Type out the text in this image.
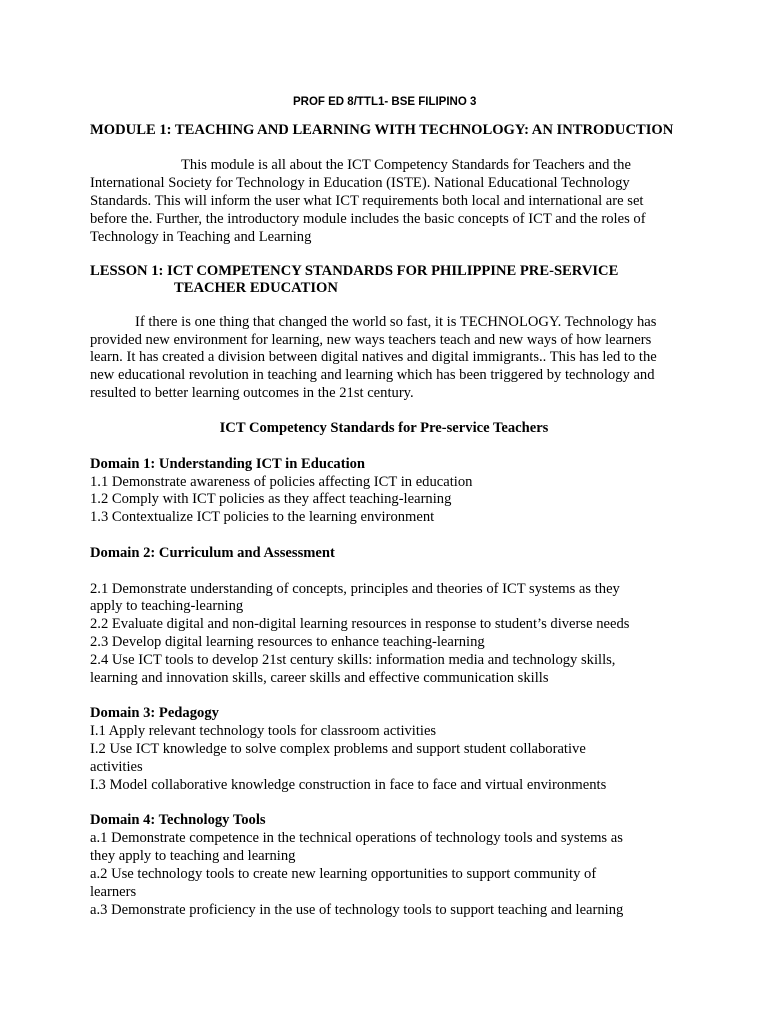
PROF ED 8/TTL1- BSE FILIPINO 3
MODULE 1: TEACHING AND LEARNING WITH TECHNOLOGY: AN INTRODUCTION
This module is all about the ICT Competency Standards for Teachers and the
International Society for Technology in Education (ISTE). National Educational Technology
Standards. This will inform the user what ICT requirements both local and international are set
before the. Further, the introductory module includes the basic concepts of ICT and the roles of
Technology in Teaching and Learning
LESSON 1: ICT COMPETENCY STANDARDS FOR PHILIPPINE PRE-SERVICE
TEACHER EDUCATION
If there is one thing that changed the world so fast, it is TECHNOLOGY. Technology has
provided new environment for learning, new ways teachers teach and new ways of how learners
learn. It has created a division between digital natives and digital immigrants.. This has led to the
new educational revolution in teaching and learning which has been triggered by technology and
resulted to better learning outcomes in the 21st century.
ICT Competency Standards for Pre-service Teachers
Domain 1: Understanding ICT in Education
1.1 Demonstrate awareness of policies affecting ICT in education
1.2 Comply with ICT policies as they affect teaching-learning
1.3 Contextualize ICT policies to the learning environment
Domain 2: Curriculum and Assessment
2.1 Demonstrate understanding of concepts, principles and theories of ICT systems as they
apply to teaching-learning
2.2 Evaluate digital and non-digital learning resources in response to student’s diverse needs
2.3 Develop digital learning resources to enhance teaching-learning
2.4 Use ICT tools to develop 21st century skills: information media and technology skills,
learning and innovation skills, career skills and effective communication skills
Domain 3: Pedagogy
I.1 Apply relevant technology tools for classroom activities
I.2 Use ICT knowledge to solve complex problems and support student collaborative
activities
I.3 Model collaborative knowledge construction in face to face and virtual environments
Domain 4: Technology Tools
a.1 Demonstrate competence in the technical operations of technology tools and systems as
they apply to teaching and learning
a.2 Use technology tools to create new learning opportunities to support community of
learners
a.3 Demonstrate proficiency in the use of technology tools to support teaching and learning
